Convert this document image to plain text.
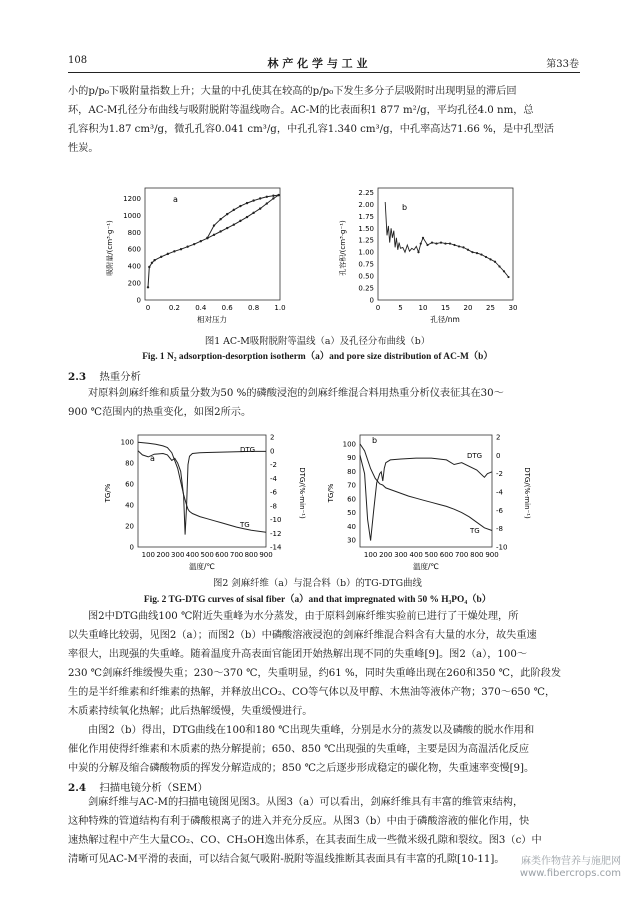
108	林 产 化 学 与 工 业	第33卷
小的p/p₀下吸附量指数上升；大量的中孔使其在较高的p/p₀下发生多分子层吸附时出现明显的滞后回
环，AC-M孔径分布曲线与吸附脱附等温线吻合。AC-M的比表面积1 877 m²/g，平均孔径4.0 nm，总
孔容积为1.87 cm³/g，微孔孔容0.041 cm³/g，中孔孔容1.340 cm³/g，中孔率高达71.66 %，是中孔型活
性炭。
0
200
400
600
800
1000
1200
0	0.2 0.4 0.6 0.8 1.0
a
吸附量/(cm³·g⁻¹)
相对压力
0
0.25
0.50
0.75
1.00
1.25
1.50
1.75
2.00
2.25
0	5 10 15 20 25 30
b
孔容积/(cm³·g⁻¹)
孔径/nm
图1 AC-M吸附脱附等温线（a）及孔径分布曲线（b）
Fig. 1 N₂ adsorption-desorption isotherm（a）and pore size distribution of AC-M（b）
2.3 热重分析
对原料剑麻纤维和质量分数为50 %的磷酸浸泡的剑麻纤维混合料用热重分析仪表征其在30～
900 ℃范围内的热重变化，如图2所示。
100
80
60
40
20
0
2
0
-2
-4
-6
-8
-10
-12
-14
100 200 300 400 500 600 700 800 900
a
DTG
TG
TG/%	DTG/(%·min⁻¹)
温度/℃
100
90
80
70
60
50
40
30
2
0
-2
-4
-6
-8
-10
100 200 300 400 500 600 700 800 900
b
DTG
TG
TG/%	DTG/(%·min⁻¹)
温度/℃
图2 剑麻纤维（a）与混合料（b）的TG-DTG曲线
Fig. 2 TG-DTG curves of sisal fiber（a）and that impregnated with 50 % H₃PO₄（b）
图2中DTG曲线100 ℃附近失重峰为水分蒸发，由于原料剑麻纤维实验前已进行了干燥处理，所
以失重峰比较弱，见图2（a）；而图2（b）中磷酸溶液浸泡的剑麻纤维混合料含有大量的水分，故失重速
率很大，出现强的失重峰。随着温度升高表面官能团开始热解出现不同的失重峰[9]。图2（a），100～
230 ℃剑麻纤维缓慢失重；230～370 ℃，失重明显，约61 %，同时失重峰出现在260和350 ℃，此阶段发
生的是半纤维素和纤维素的热解，并释放出CO₂、CO等气体以及甲醇、木焦油等液体产物；370～650 ℃，
木质素持续氧化热解；此后热解缓慢，失重缓慢进行。
由图2（b）得出，DTG曲线在100和180 ℃出现失重峰，分别是水分的蒸发以及磷酸的脱水作用和
催化作用使得纤维素和木质素的热分解提前；650、850 ℃出现强的失重峰，主要是因为高温活化反应
中炭的分解及缩合磷酸物质的挥发分解造成的；850 ℃之后逐步形成稳定的碳化物，失重速率变慢[9]。
2.4 扫描电镜分析（SEM）
剑麻纤维与AC-M的扫描电镜图见图3。从图3（a）可以看出，剑麻纤维具有丰富的维管束结构，
这种特殊的管道结构有利于磷酸根离子的进入并充分反应。从图3（b）中由于磷酸溶液的催化作用，快
速热解过程中产生大量CO₂、CO、CH₃OH逸出体系，在其表面生成一些微米级孔隙和裂纹。图3（c）中
清晰可见AC-M平滑的表面，可以结合氮气吸附-脱附等温线推断其表面具有丰富的孔隙[10-11]。	麻类作物营养与施肥网
www.fibercrops.com
